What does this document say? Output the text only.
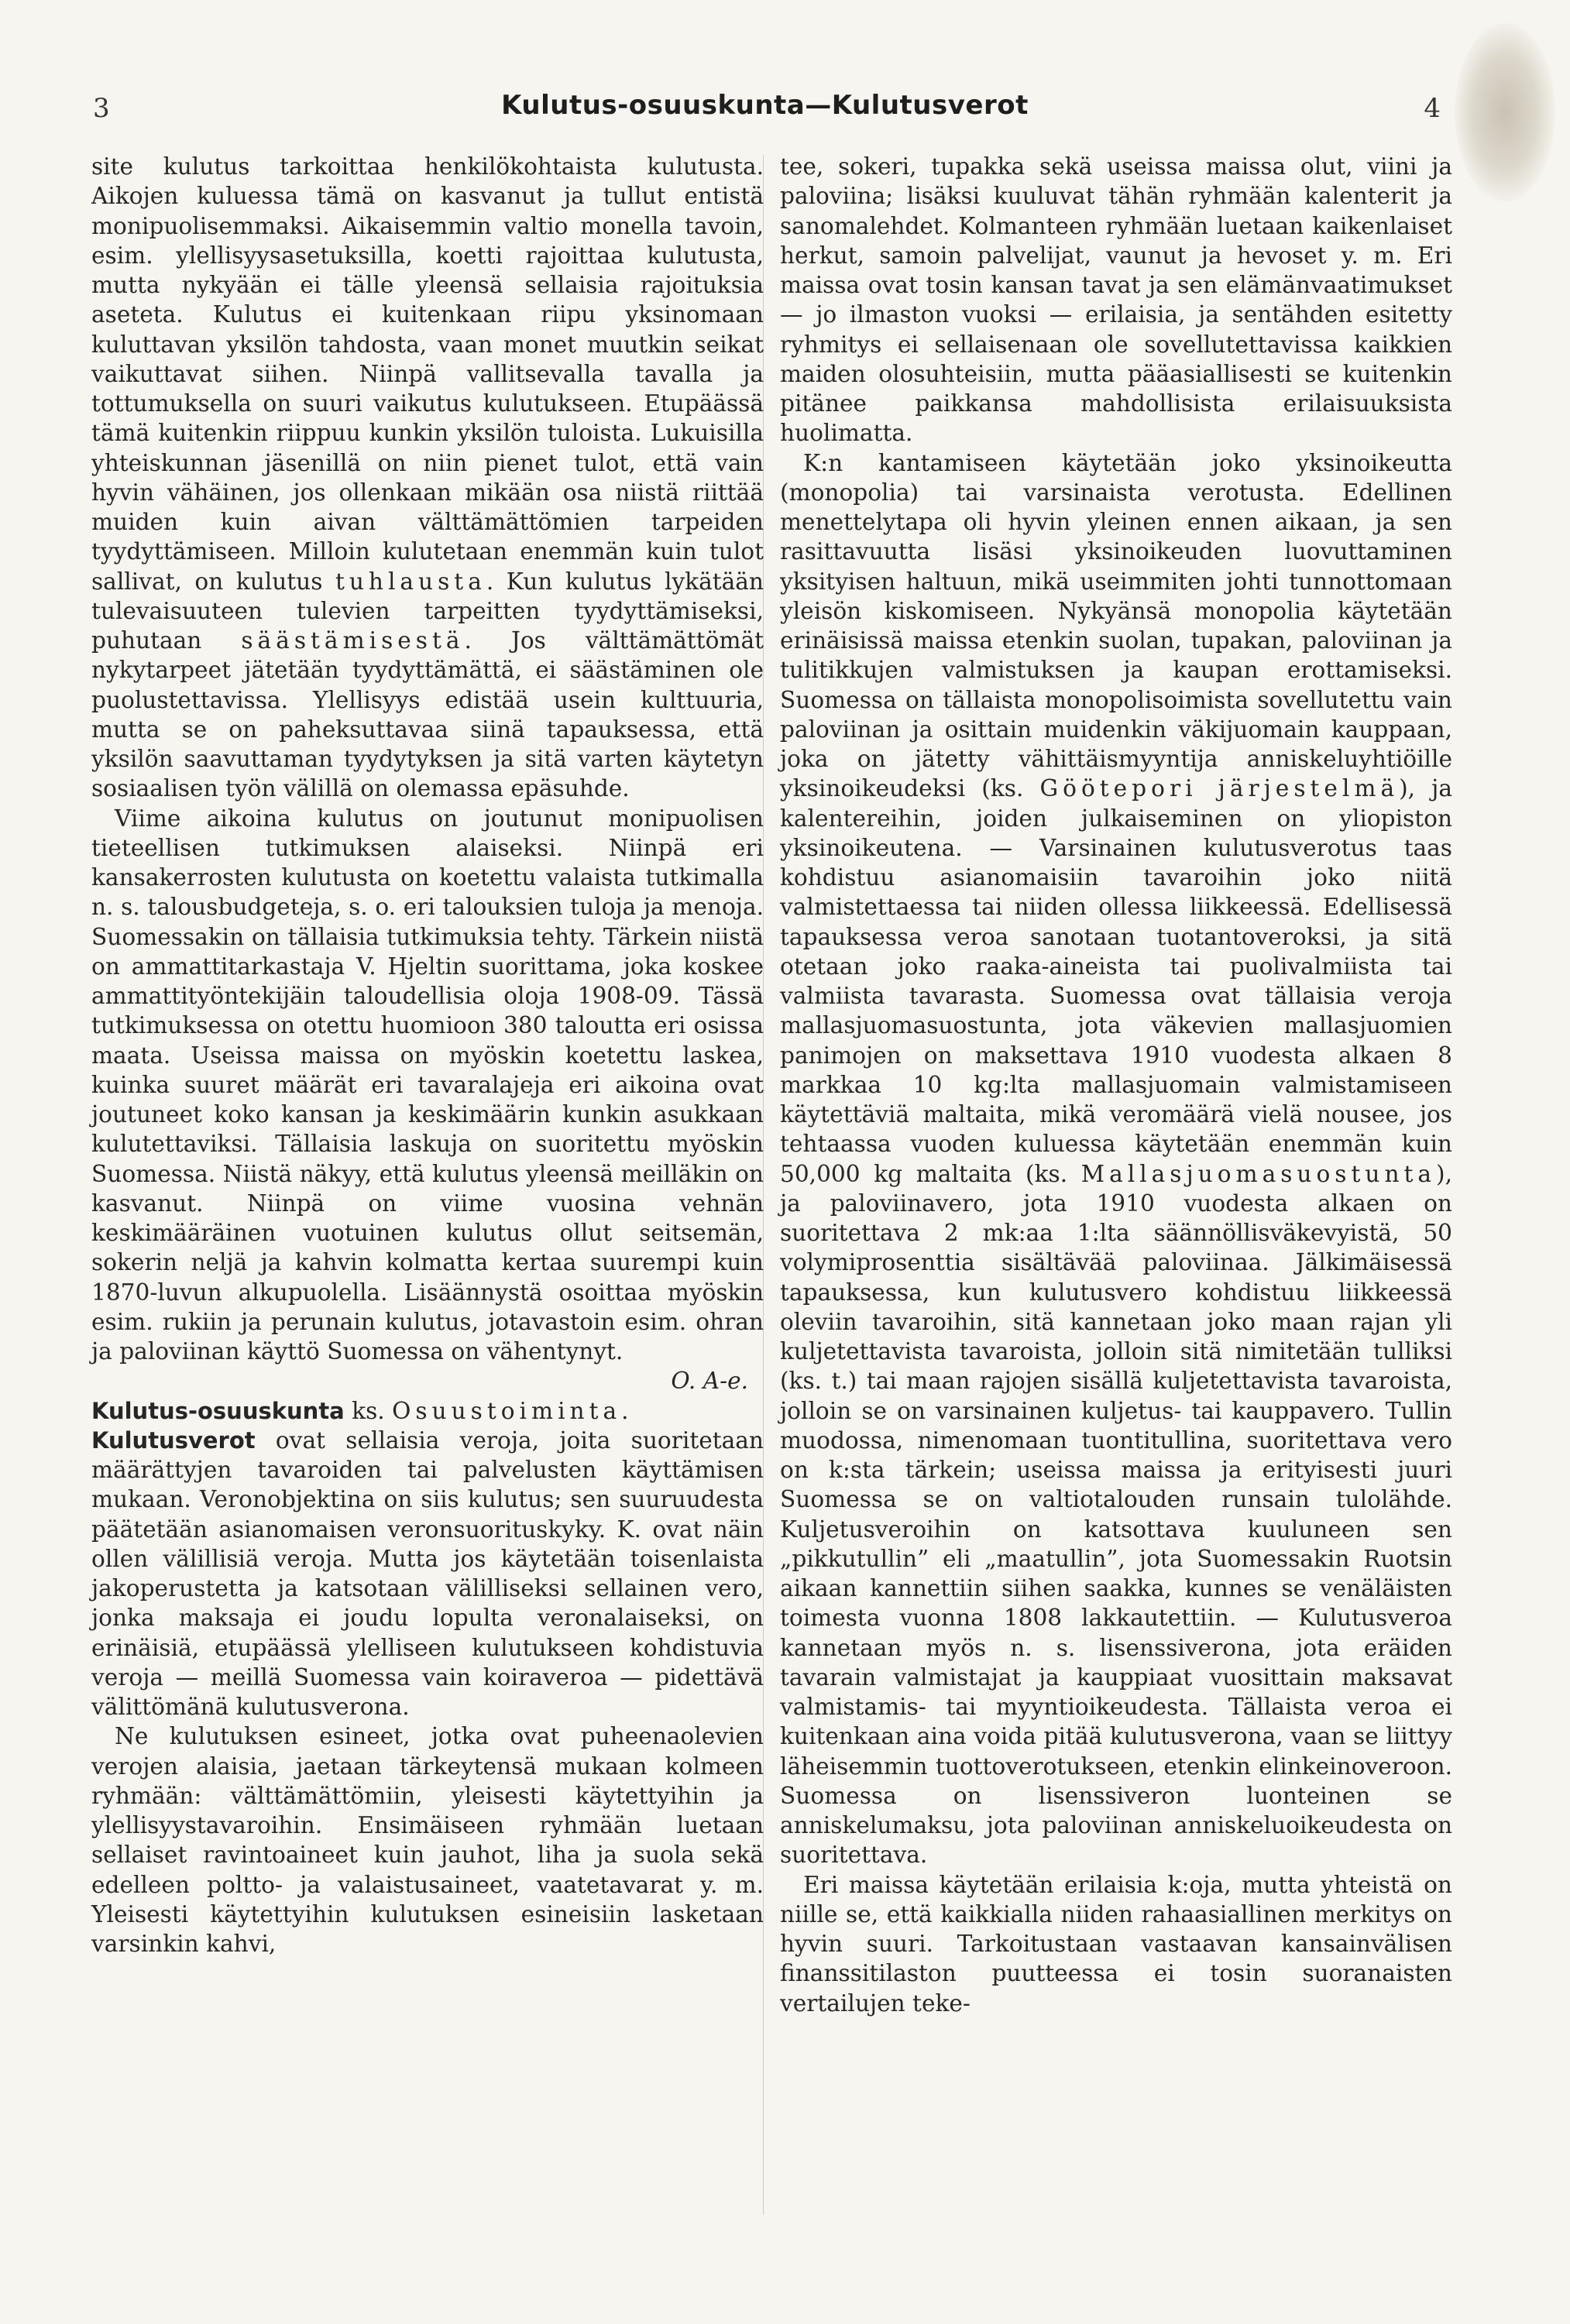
3	Kulutus-osuuskunta—Kulutusverot	4

site kulutus tarkoittaa henkilökohtaista kulutusta. Aikojen kuluessa tämä on kasvanut ja tullut entistä monipuolisemmaksi. Aikaisemmin valtio monella tavoin, esim. ylellisyysasetuksilla, koetti rajoittaa kulutusta, mutta nykyään ei tälle yleensä sellaisia rajoituksia aseteta. Kulutus ei kuitenkaan riipu yksinomaan kuluttavan yksilön tahdosta, vaan monet muutkin seikat vaikuttavat siihen. Niinpä vallitsevalla tavalla ja tottumuksella on suuri vaikutus kulutukseen. Etupäässä tämä kuitenkin riippuu kunkin yksilön tuloista. Lukuisilla yhteiskunnan jäsenillä on niin pienet tulot, että vain hyvin vähäinen, jos ollenkaan mikään osa niistä riittää muiden kuin aivan välttämättömien tarpeiden tyydyttämiseen. Milloin kulutetaan enemmän kuin tulot sallivat, on kulutus tuhlausta. Kun kulutus lykätään tulevaisuuteen tulevien tarpeitten tyydyttämiseksi, puhutaan säästämisestä. Jos välttämättömät nykytarpeet jätetään tyydyttämättä, ei säästäminen ole puolustettavissa. Ylellisyys edistää usein kulttuuria, mutta se on paheksuttavaa siinä tapauksessa, että yksilön saavuttaman tyydytyksen ja sitä varten käytetyn sosiaalisen työn välillä on olemassa epäsuhde.

Viime aikoina kulutus on joutunut monipuolisen tieteellisen tutkimuksen alaiseksi. Niinpä eri kansakerrosten kulutusta on koetettu valaista tutkimalla n. s. talousbudgeteja, s. o. eri talouksien tuloja ja menoja. Suomessakin on tällaisia tutkimuksia tehty. Tärkein niistä on ammattitarkastaja V. Hjeltin suorittama, joka koskee ammattityöntekijäin taloudellisia oloja 1908-09. Tässä tutkimuksessa on otettu huomioon 380 taloutta eri osissa maata. Useissa maissa on myöskin koetettu laskea, kuinka suuret määrät eri tavaralajeja eri aikoina ovat joutuneet koko kansan ja keskimäärin kunkin asukkaan kulutettaviksi. Tällaisia laskuja on suoritettu myöskin Suomessa. Niistä näkyy, että kulutus yleensä meilläkin on kasvanut. Niinpä on viime vuosina vehnän keskimääräinen vuotuinen kulutus ollut seitsemän, sokerin neljä ja kahvin kolmatta kertaa suurempi kuin 1870-luvun alkupuolella. Lisäännystä osoittaa myöskin esim. rukiin ja perunain kulutus, jotavastoin esim. ohran ja paloviinan käyttö Suomessa on vähentynyt.

O. A-e.

Kulutus-osuuskunta ks. Osuustoiminta.

Kulutusverot ovat sellaisia veroja, joita suoritetaan määrättyjen tavaroiden tai palvelusten käyttämisen mukaan. Veronobjektina on siis kulutus; sen suuruudesta päätetään asianomaisen veronsuorituskyky. K. ovat näin ollen välillisiä veroja. Mutta jos käytetään toisenlaista jakoperustetta ja katsotaan välilliseksi sellainen vero, jonka maksaja ei joudu lopulta veronalaiseksi, on erinäisiä, etupäässä ylelliseen kulutukseen kohdistuvia veroja — meillä Suomessa vain koiraveroa — pidettävä välittömänä kulutusverona.

Ne kulutuksen esineet, jotka ovat puheenaolevien verojen alaisia, jaetaan tärkeytensä mukaan kolmeen ryhmään: välttämättömiin, yleisesti käytettyihin ja ylellisyystavaroihin. Ensimäiseen ryhmään luetaan sellaiset ravintoaineet kuin jauhot, liha ja suola sekä edelleen poltto- ja valaistusaineet, vaatetavarat y. m. Yleisesti käytettyihin kulutuksen esineisiin lasketaan varsinkin kahvi,

tee, sokeri, tupakka sekä useissa maissa olut, viini ja paloviina; lisäksi kuuluvat tähän ryhmään kalenterit ja sanomalehdet. Kolmanteen ryhmään luetaan kaikenlaiset herkut, samoin palvelijat, vaunut ja hevoset y. m. Eri maissa ovat tosin kansan tavat ja sen elämänvaatimukset — jo ilmaston vuoksi — erilaisia, ja sentähden esitetty ryhmitys ei sellaisenaan ole sovellutettavissa kaikkien maiden olosuhteisiin, mutta pääasiallisesti se kuitenkin pitänee paikkansa mahdollisista erilaisuuksista huolimatta.

K:n kantamiseen käytetään joko yksinoikeutta (monopolia) tai varsinaista verotusta. Edellinen menettelytapa oli hyvin yleinen ennen aikaan, ja sen rasittavuutta lisäsi yksinoikeuden luovuttaminen yksityisen haltuun, mikä useimmiten johti tunnottomaan yleisön kiskomiseen. Nykyänsä monopolia käytetään erinäisissä maissa etenkin suolan, tupakan, paloviinan ja tulitikkujen valmistuksen ja kaupan erottamiseksi. Suomessa on tällaista monopolisoimista sovellutettu vain paloviinan ja osittain muidenkin väkijuomain kauppaan, joka on jätetty vähittäismyyntija anniskeluyhtiöille yksinoikeudeksi (ks. Göötepori järjestelmä), ja kalentereihin, joiden julkaiseminen on yliopiston yksinoikeutena. — Varsinainen kulutusverotus taas kohdistuu asianomaisiin tavaroihin joko niitä valmistettaessa tai niiden ollessa liikkeessä. Edellisessä tapauksessa veroa sanotaan tuotantoveroksi, ja sitä otetaan joko raaka-aineista tai puolivalmiista tai valmiista tavarasta. Suomessa ovat tällaisia veroja mallasjuomasuostunta, jota väkevien mallasjuomien panimojen on maksettava 1910 vuodesta alkaen 8 markkaa 10 kg:lta mallasjuomain valmistamiseen käytettäviä maltaita, mikä veromäärä vielä nousee, jos tehtaassa vuoden kuluessa käytetään enemmän kuin 50,000 kg maltaita (ks. Mallasjuomasuostunta), ja paloviinavero, jota 1910 vuodesta alkaen on suoritettava 2 mk:aa 1:lta säännöllisväkevyistä, 50 volymiprosenttia sisältävää paloviinaa. Jälkimäisessä tapauksessa, kun kulutusvero kohdistuu liikkeessä oleviin tavaroihin, sitä kannetaan joko maan rajan yli kuljetettavista tavaroista, jolloin sitä nimitetään tulliksi (ks. t.) tai maan rajojen sisällä kuljetettavista tavaroista, jolloin se on varsinainen kuljetus- tai kauppavero. Tullin muodossa, nimenomaan tuontitullina, suoritettava vero on k:sta tärkein; useissa maissa ja erityisesti juuri Suomessa se on valtiotalouden runsain tulolähde. Kuljetusveroihin on katsottava kuuluneen sen „pikkutullin” eli „maatullin”, jota Suomessakin Ruotsin aikaan kannettiin siihen saakka, kunnes se venäläisten toimesta vuonna 1808 lakkautettiin. — Kulutusveroa kannetaan myös n. s. lisenssiverona, jota eräiden tavarain valmistajat ja kauppiaat vuosittain maksavat valmistamis- tai myyntioikeudesta. Tällaista veroa ei kuitenkaan aina voida pitää kulutusverona, vaan se liittyy läheisemmin tuottoverotukseen, etenkin elinkeinoveroon. Suomessa on lisenssiveron luonteinen se anniskelumaksu, jota paloviinan anniskeluoikeudesta on suoritettava.

Eri maissa käytetään erilaisia k:oja, mutta yhteistä on niille se, että kaikkialla niiden rahaasiallinen merkitys on hyvin suuri. Tarkoitustaan vastaavan kansainvälisen finanssitilaston puutteessa ei tosin suoranaisten vertailujen teke-
